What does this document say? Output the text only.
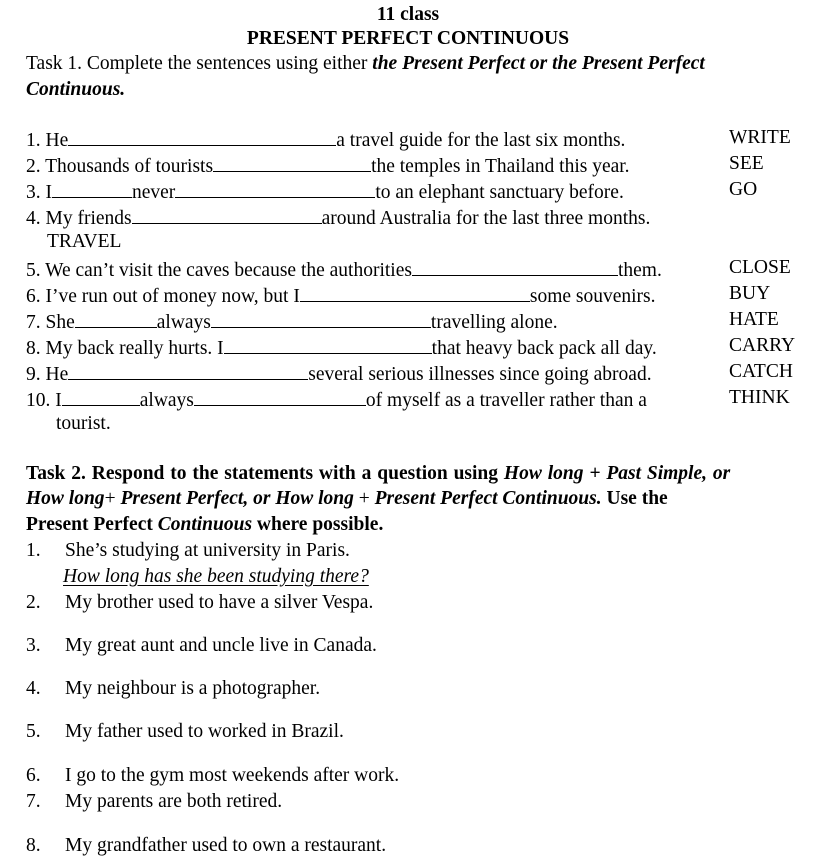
11 class
PRESENT PERFECT CONTINUOUS
Task 1. Complete the sentences using either the Present Perfect or the Present Perfect
Continuous.
1. He	a travel guide for the last six months.	WRITE
2. Thousands of tourists	the temples in Thailand this year.	SEE
3. I	never	to an elephant sanctuary before.	GO
4. My friends	around Australia for the last three months.
TRAVEL
5. We can’t visit the caves because the authorities	them.	CLOSE
6. I’ve run out of money now, but I	some souvenirs.	BUY
7. She	always	travelling alone.	HATE
8. My back really hurts. I	that heavy back pack all day.	CARRY
9. He	several serious illnesses since going abroad.	CATCH
10. I	always	of myself as a traveller rather than a	THINK
tourist.
Task 2. Respond to the statements with a question using How long + Past Simple, or
How long+ Present Perfect, or How long + Present Perfect Continuous. Use the
Present Perfect Continuous where possible.
1. She’s studying at university in Paris.
How long has she been studying there?
2. My brother used to have a silver Vespa.
3. My great aunt and uncle live in Canada.
4. My neighbour is a photographer.
5. My father used to worked in Brazil.
6. I go to the gym most weekends after work.
7. My parents are both retired.
8. My grandfather used to own a restaurant.
